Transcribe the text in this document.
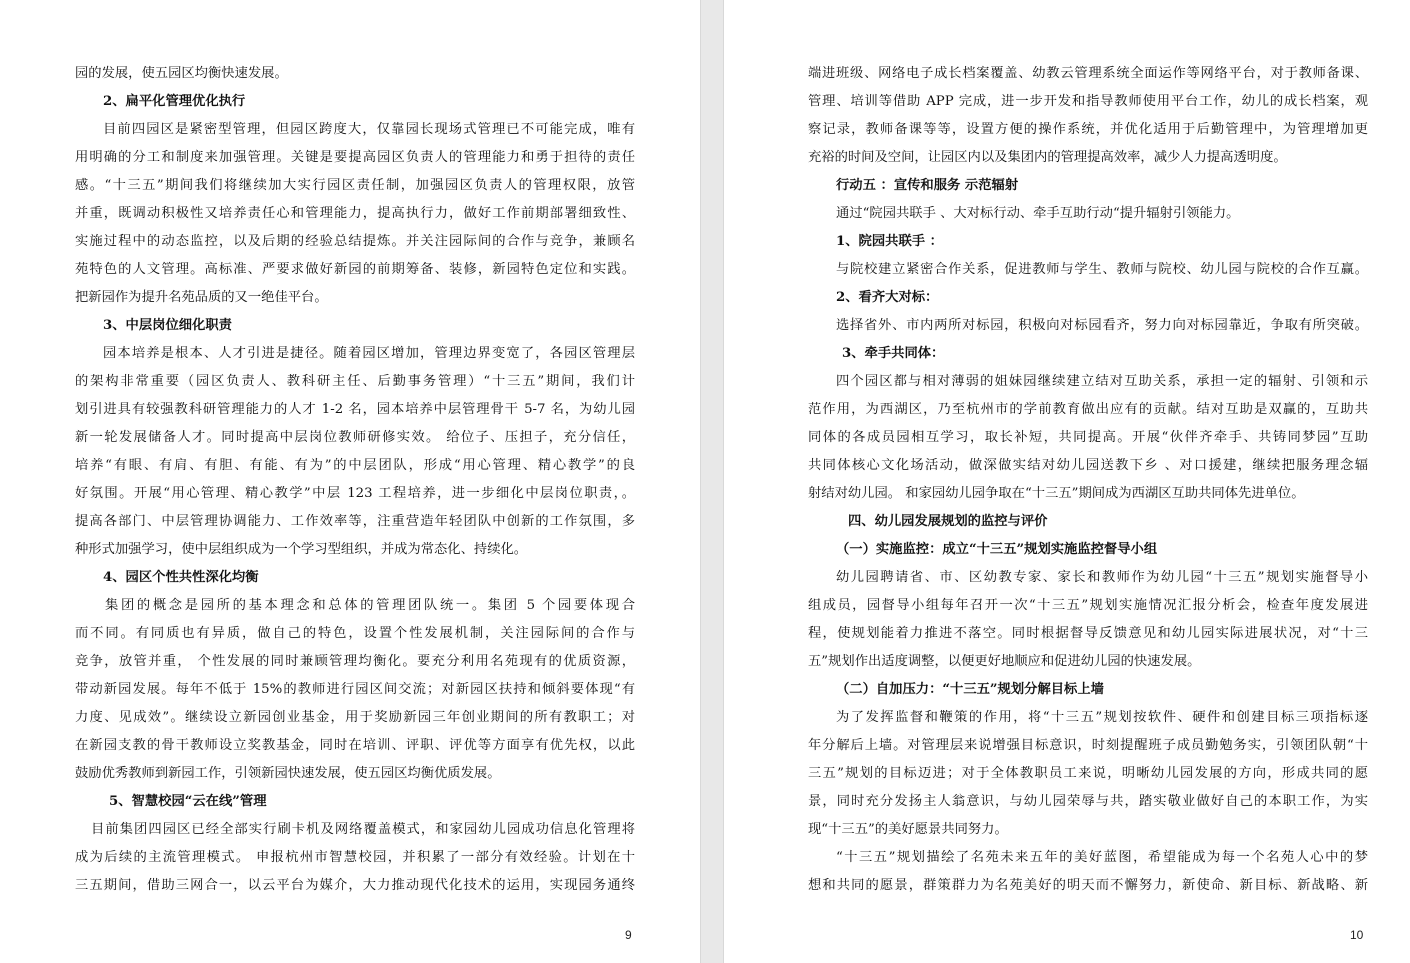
园的发展，使五园区均衡快速发展。
2、扁平化管理优化执行
目前四园区是紧密型管理，但园区跨度大，仅靠园长现场式管理已不可能完成，唯有
用明确的分工和制度来加强管理。关键是要提高园区负责人的管理能力和勇于担待的责任
感。“十三五”期间我们将继续加大实行园区责任制，加强园区负责人的管理权限，放管
并重，既调动积极性又培养责任心和管理能力，提高执行力，做好工作前期部署细致性、
实施过程中的动态监控，以及后期的经验总结提炼。并关注园际间的合作与竞争，兼顾名
苑特色的人文管理。高标准、严要求做好新园的前期筹备、装修，新园特色定位和实践。
把新园作为提升名苑品质的又一绝佳平台。
3、中层岗位细化职责
园本培养是根本、人才引进是捷径。随着园区增加，管理边界变宽了，各园区管理层
的架构非常重要（园区负责人、教科研主任、后勤事务管理）“十三五”期间，我们计
划引进具有较强教科研管理能力的人才 1-2 名，园本培养中层管理骨干 5-7 名，为幼儿园
新一轮发展储备人才。同时提高中层岗位教师研修实效。 给位子、压担子，充分信任，
培养“有眼、有肩、有胆、有能、有为”的中层团队，形成“用心管理、精心教学”的良
好氛围。开展“用心管理、精心教学”中层 123 工程培养，进一步细化中层岗位职责，。
提高各部门、中层管理协调能力、工作效率等，注重营造年轻团队中创新的工作氛围，多
种形式加强学习，使中层组织成为一个学习型组织，并成为常态化、持续化。
4、园区个性共性深化均衡
集团的概念是园所的基本理念和总体的管理团队统一。集团 5 个园要体现合
而不同。有同质也有异质，做自己的特色，设置个性发展机制，关注园际间的合作与
竞争，放管并重， 个性发展的同时兼顾管理均衡化。要充分利用名苑现有的优质资源，
带动新园发展。每年不低于 15%的教师进行园区间交流；对新园区扶持和倾斜要体现“有
力度、见成效”。继续设立新园创业基金，用于奖励新园三年创业期间的所有教职工；对
在新园支教的骨干教师设立奖教基金，同时在培训、评职、评优等方面享有优先权，以此
鼓励优秀教师到新园工作，引领新园快速发展，使五园区均衡优质发展。
5、智慧校园“云在线”管理
目前集团四园区已经全部实行刷卡机及网络覆盖模式，和家园幼儿园成功信息化管理将
成为后续的主流管理模式。 申报杭州市智慧校园，并积累了一部分有效经验。计划在十
三五期间，借助三网合一，以云平台为媒介，大力推动现代化技术的运用，实现园务通终
9
端进班级、网络电子成长档案覆盖、幼教云管理系统全面运作等网络平台，对于教师备课、
管理、培训等借助 APP 完成，进一步开发和指导教师使用平台工作，幼儿的成长档案，观
察记录，教师备课等等，设置方便的操作系统，并优化适用于后勤管理中，为管理增加更
充裕的时间及空间，让园区内以及集团内的管理提高效率，减少人力提高透明度。
行动五 ：宣传和服务 示范辐射
通过“院园共联手 、大对标行动、牵手互助行动“提升辐射引领能力。
1、院园共联手 ：
与院校建立紧密合作关系，促进教师与学生、教师与院校、幼儿园与院校的合作互赢。
2、看齐大对标：
选择省外、市内两所对标园，积极向对标园看齐，努力向对标园靠近，争取有所突破。
3、牵手共同体：
四个园区都与相对薄弱的姐妹园继续建立结对互助关系，承担一定的辐射、引领和示
范作用，为西湖区，乃至杭州市的学前教育做出应有的贡献。结对互助是双赢的，互助共
同体的各成员园相互学习，取长补短，共同提高。开展“伙伴齐牵手、共铸同梦园”互助
共同体核心文化场活动，做深做实结对幼儿园送教下乡 、对口援建，继续把服务理念辐
射结对幼儿园。 和家园幼儿园争取在“十三五”期间成为西湖区互助共同体先进单位。
四、幼儿园发展规划的监控与评价
（一）实施监控：成立“十三五”规划实施监控督导小组
幼儿园聘请省、市、区幼教专家、家长和教师作为幼儿园“十三五”规划实施督导小
组成员，园督导小组每年召开一次“十三五”规划实施情况汇报分析会，检查年度发展进
程，使规划能着力推进不落空。同时根据督导反馈意见和幼儿园实际进展状况，对“十三
五”规划作出适度调整，以便更好地顺应和促进幼儿园的快速发展。
（二）自加压力：“十三五”规划分解目标上墙
为了发挥监督和鞭策的作用，将“十三五”规划按软件、硬件和创建目标三项指标逐
年分解后上墙。对管理层来说增强目标意识，时刻提醒班子成员勤勉务实，引领团队朝“十
三五”规划的目标迈进；对于全体教职员工来说，明晰幼儿园发展的方向，形成共同的愿
景，同时充分发扬主人翁意识，与幼儿园荣辱与共，踏实敬业做好自己的本职工作，为实
现“十三五”的美好愿景共同努力。
“十三五”规划描绘了名苑未来五年的美好蓝图，希望能成为每一个名苑人心中的梦
想和共同的愿景，群策群力为名苑美好的明天而不懈努力，新使命、新目标、新战略、新
10
